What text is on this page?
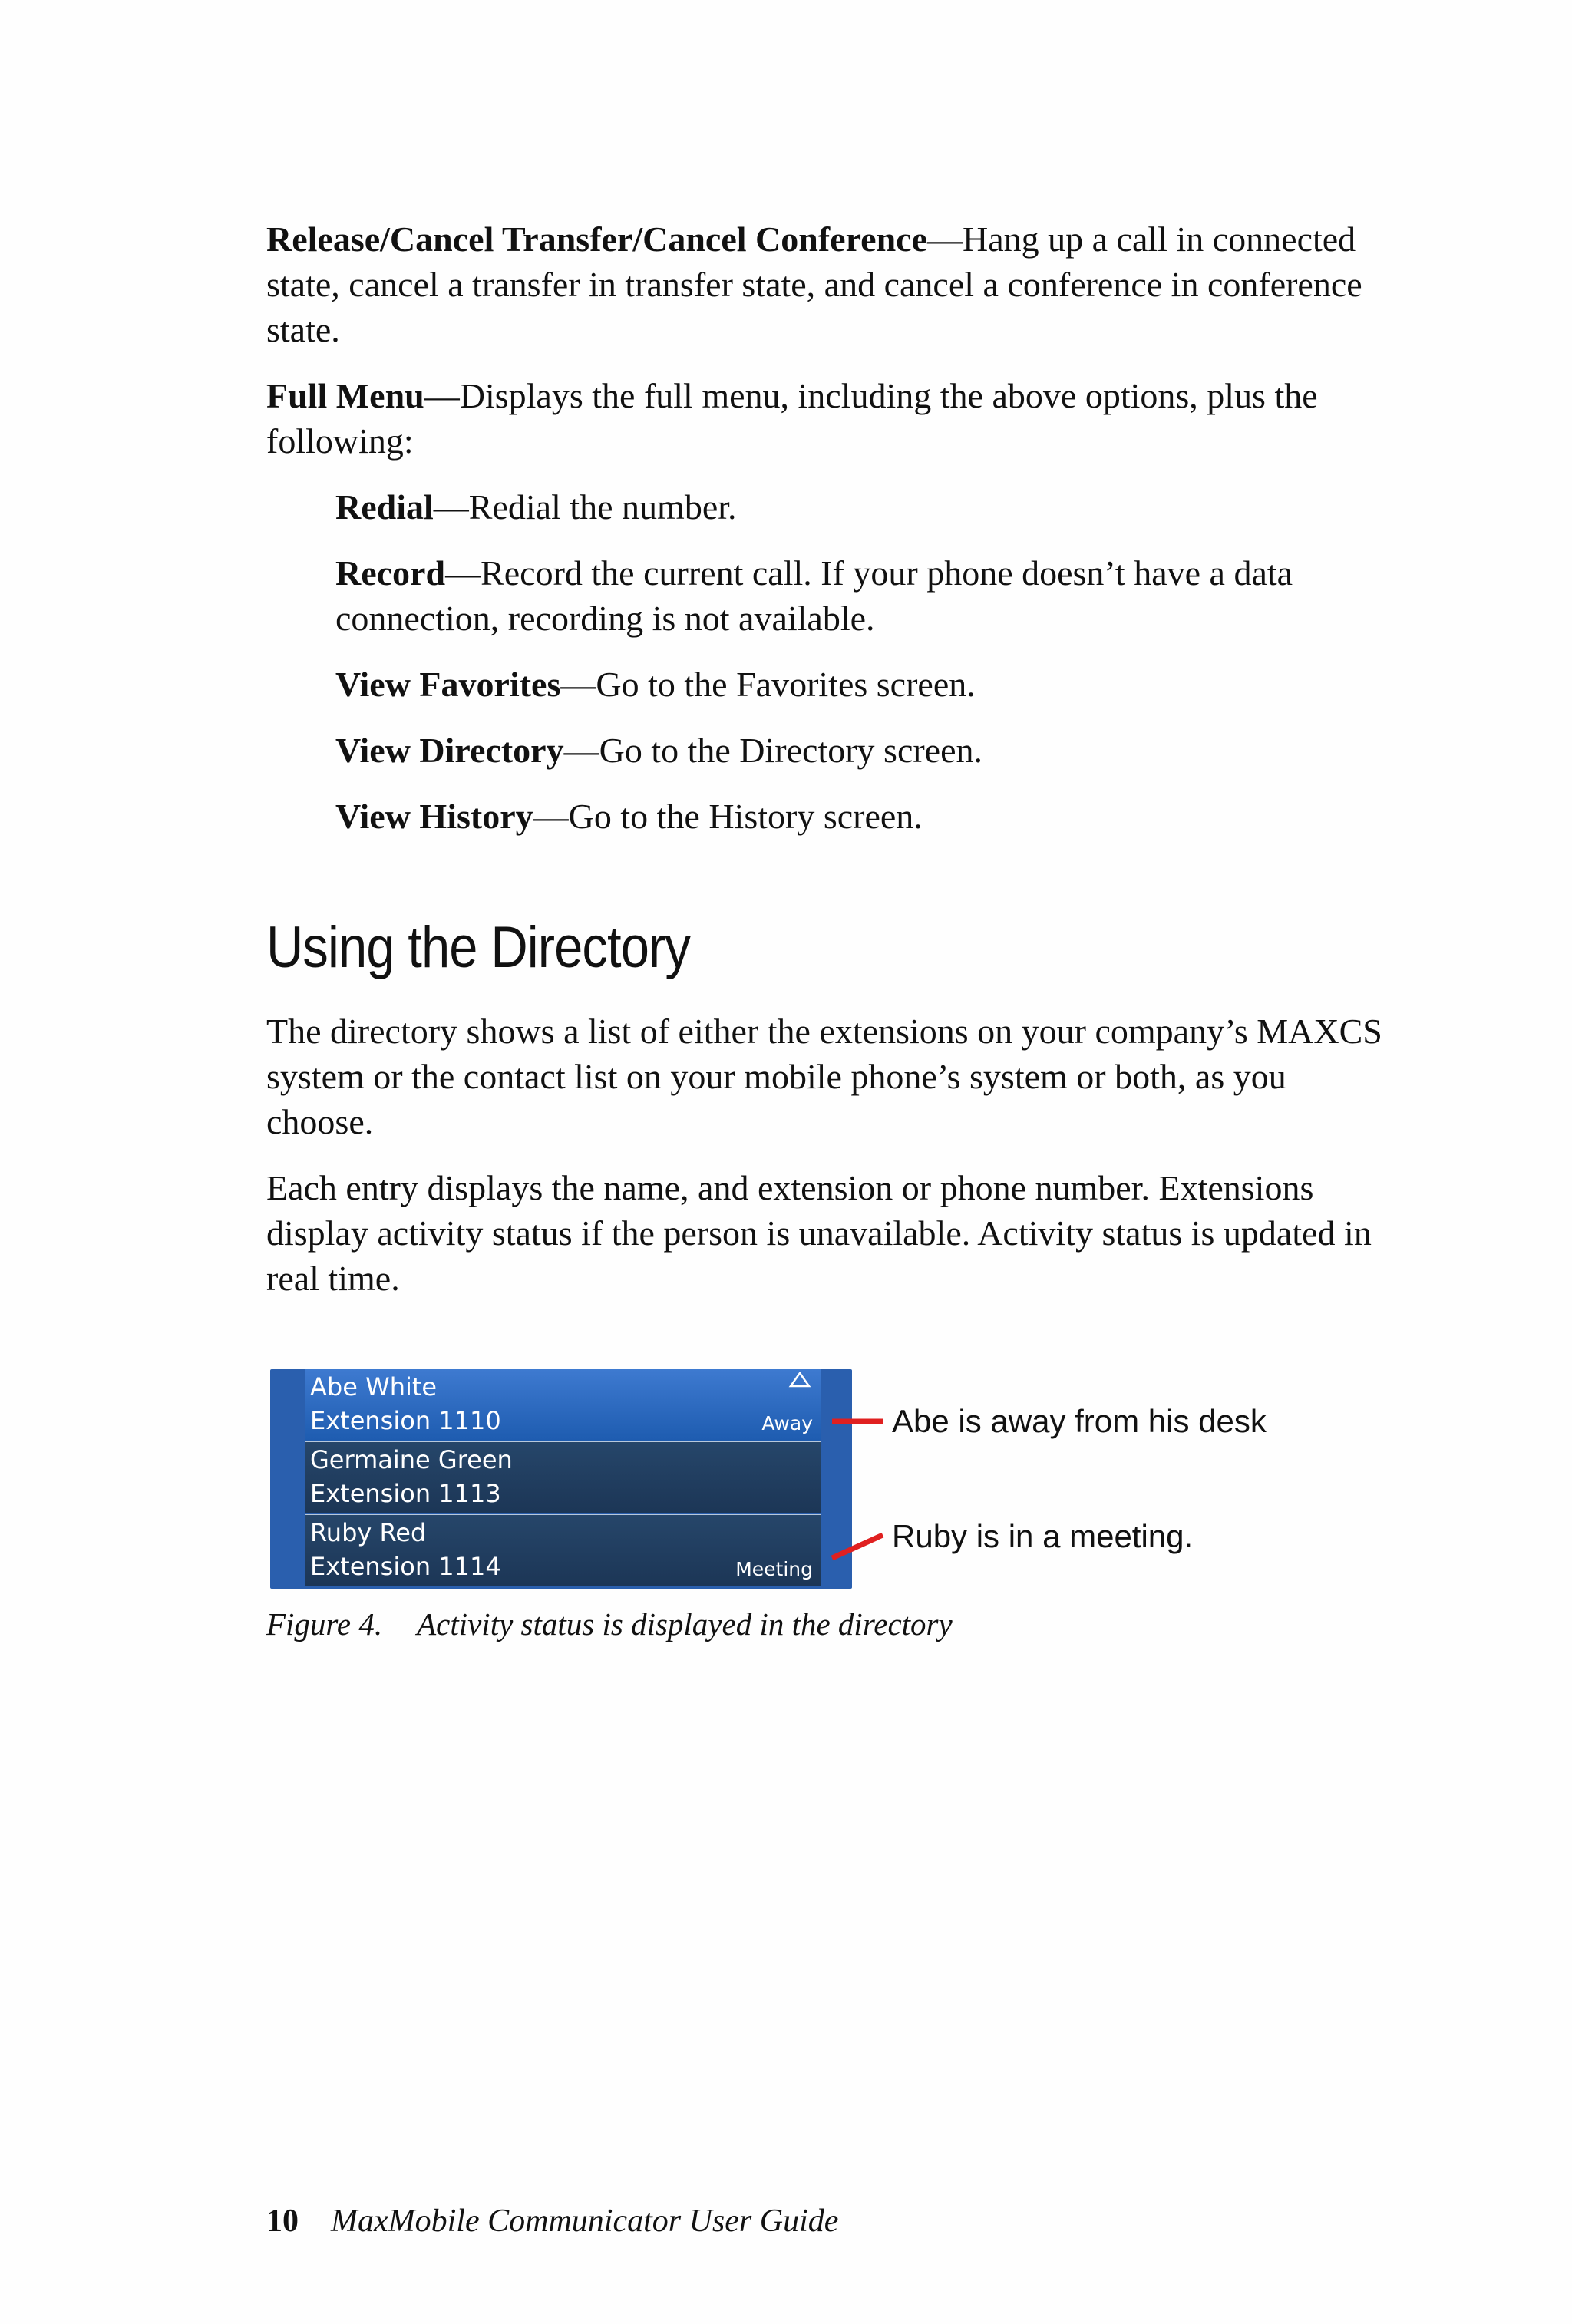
Release/Cancel Transfer/Cancel Conference—Hang up a call in connected state, cancel a transfer in transfer state, and cancel a conference in conference state.

Full Menu—Displays the full menu, including the above options, plus the following:

Redial—Redial the number.

Record—Record the current call. If your phone doesn’t have a data connection, recording is not available.

View Favorites—Go to the Favorites screen.

View Directory—Go to the Directory screen.

View History—Go to the History screen.

Using the Directory

The directory shows a list of either the extensions on your company’s MAXCS system or the contact list on your mobile phone’s system or both, as you choose.

Each entry displays the name, and extension or phone number. Extensions display activity status if the person is unavailable. Activity status is updated in real time.

Abe White
Extension 1110	Away
Germaine Green
Extension 1113
Ruby Red
Extension 1114	Meeting
Abe is away from his desk
Ruby is in a meeting.
Figure 4. Activity status is displayed in the directory
10 MaxMobile Communicator User Guide
